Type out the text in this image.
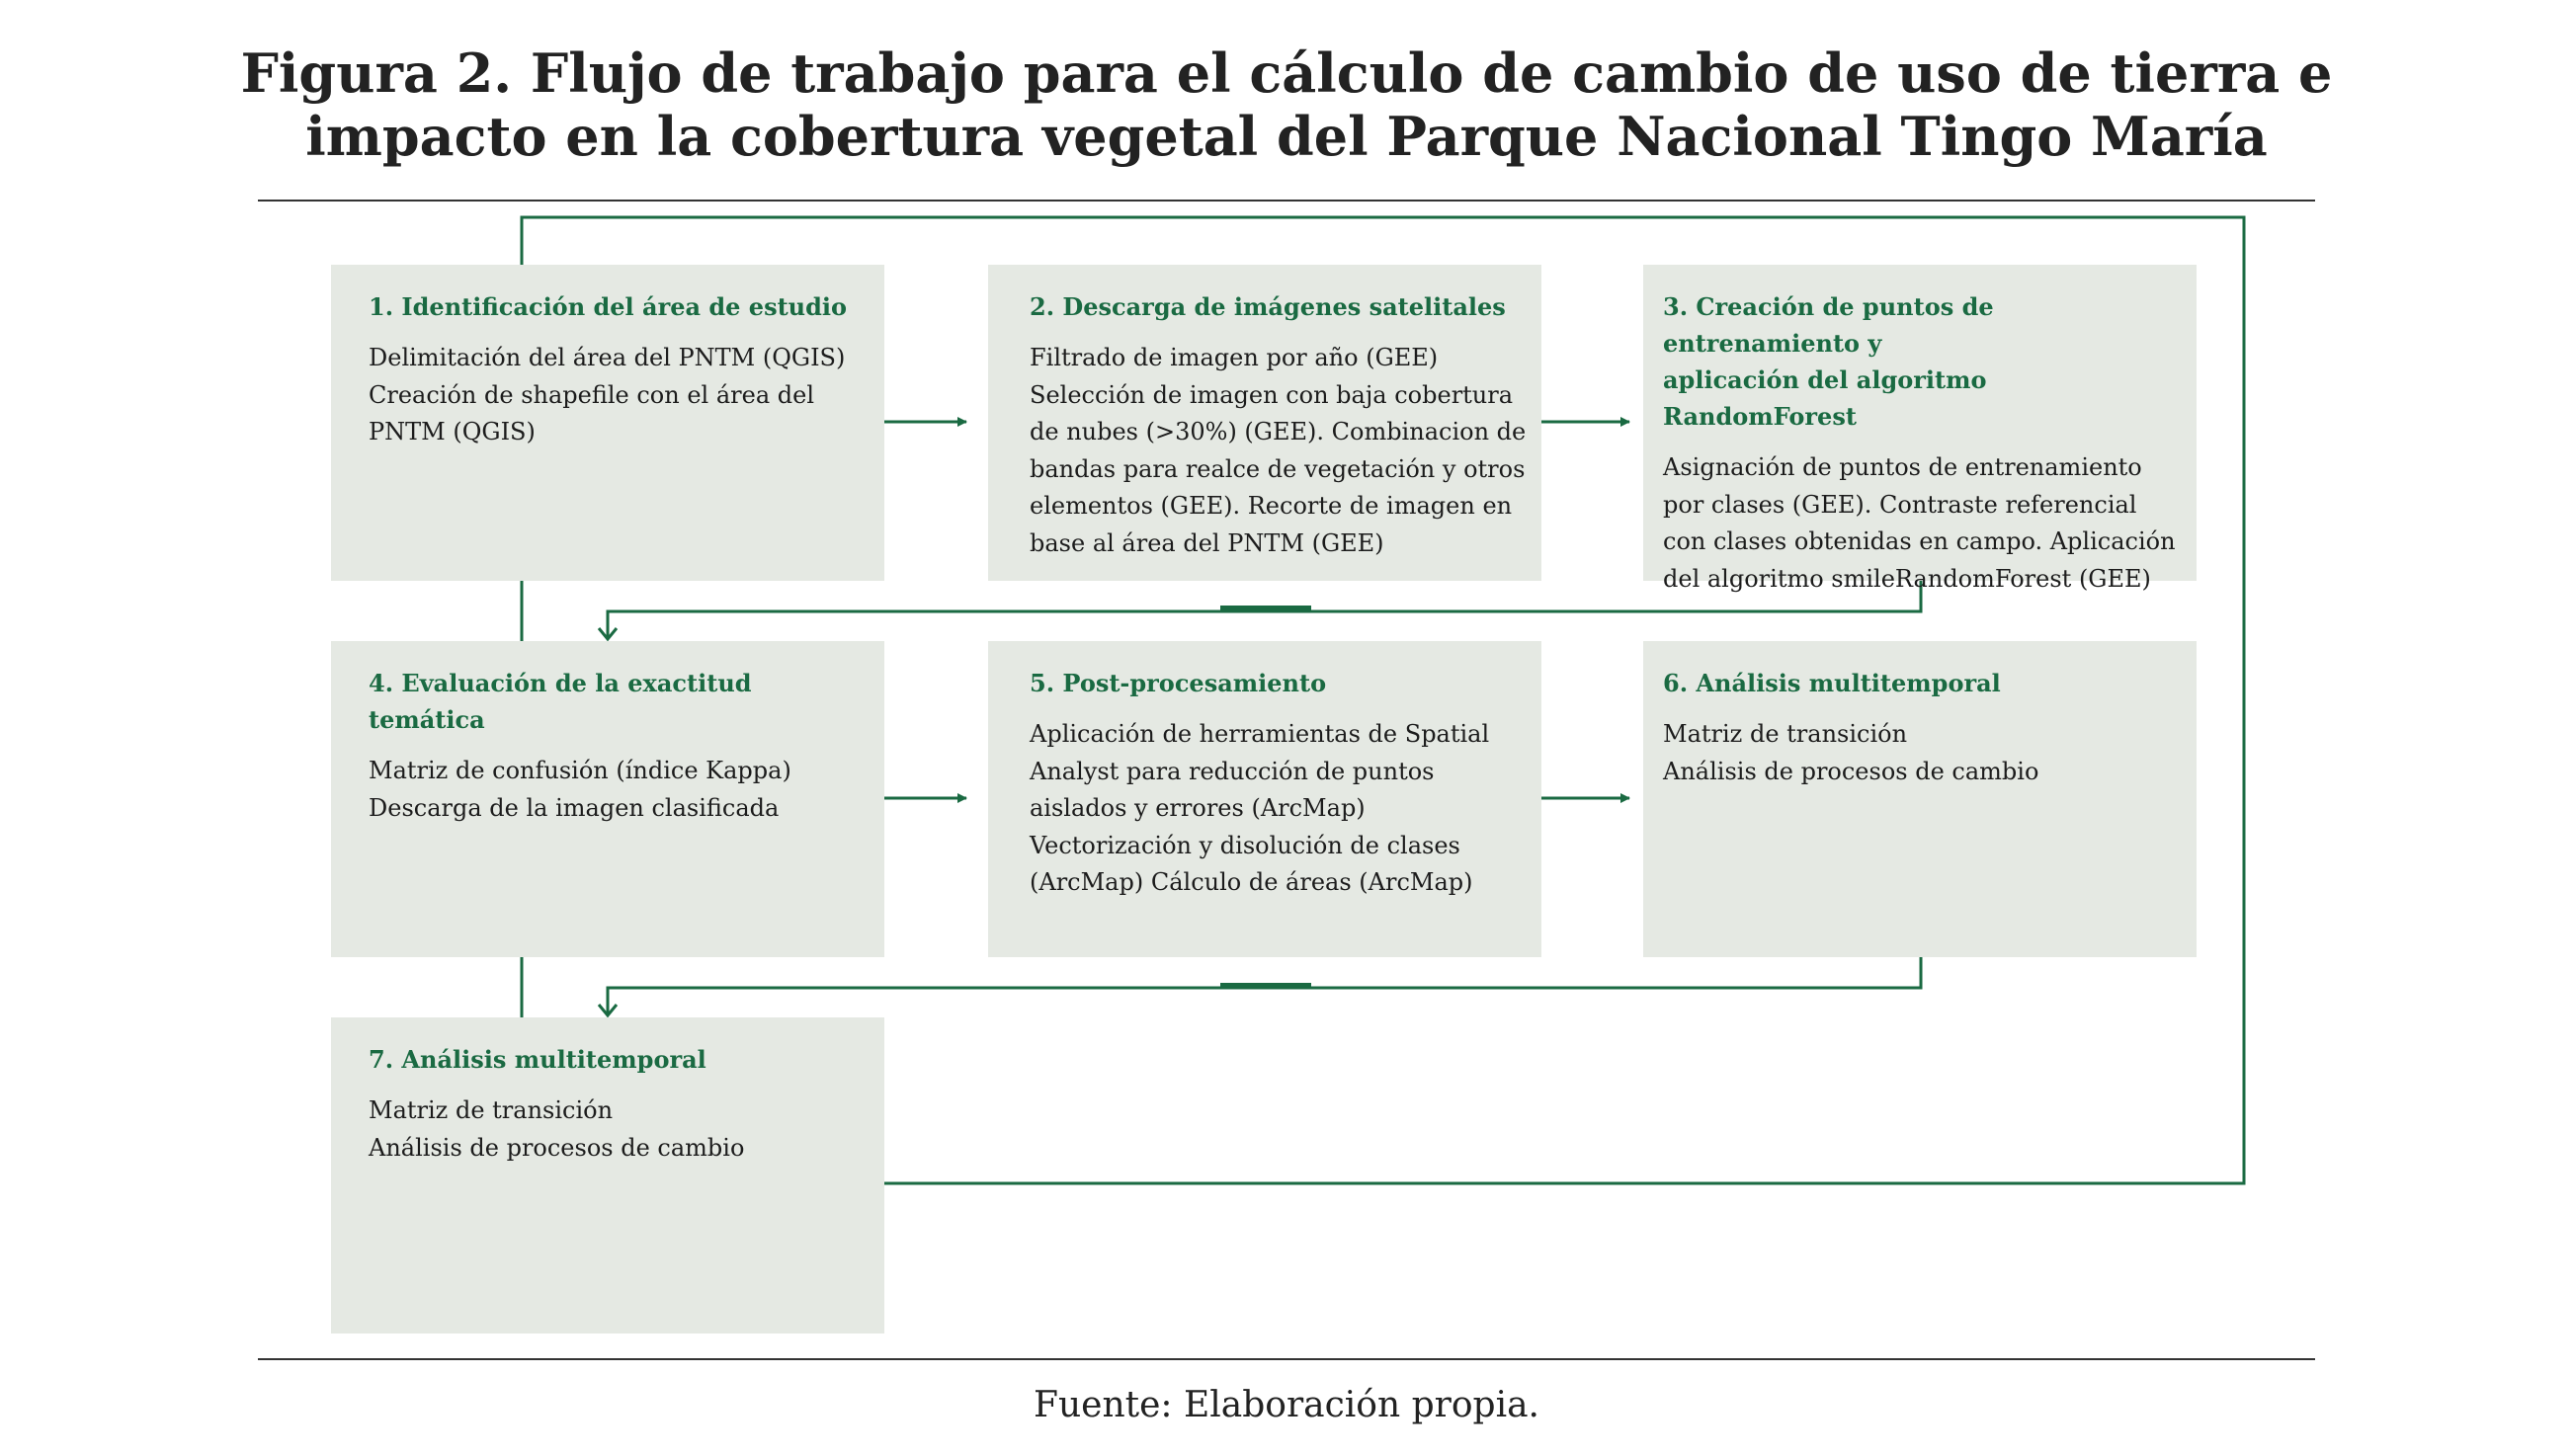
Figura 2. Flujo de trabajo para el cálculo de cambio de uso de tierra e
impacto en la cobertura vegetal del Parque Nacional Tingo María
1. Identificación del área de estudio
Delimitación del área del PNTM (QGIS)
Creación de shapefile con el área del
PNTM (QGIS)
2. Descarga de imágenes satelitales
Filtrado de imagen por año (GEE)
Selección de imagen con baja cobertura
de nubes (>30%) (GEE). Combinacion de
bandas para realce de vegetación y otros
elementos (GEE). Recorte de imagen en
base al área del PNTM (GEE)
3. Creación de puntos de entrenamiento y
aplicación del algoritmo RandomForest
Asignación de puntos de entrenamiento
por clases (GEE). Contraste referencial
con clases obtenidas en campo. Aplicación
del algoritmo smileRandomForest (GEE)
4. Evaluación de la exactitud temática
Matriz de confusión (índice Kappa)
Descarga de la imagen clasificada
5. Post-procesamiento
Aplicación de herramientas de Spatial
Analyst para reducción de puntos
aislados y errores (ArcMap)
Vectorización y disolución de clases
(ArcMap) Cálculo de áreas (ArcMap)
6. Análisis multitemporal
Matriz de transición
Análisis de procesos de cambio
7. Análisis multitemporal
Matriz de transición
Análisis de procesos de cambio
Fuente: Elaboración propia.
